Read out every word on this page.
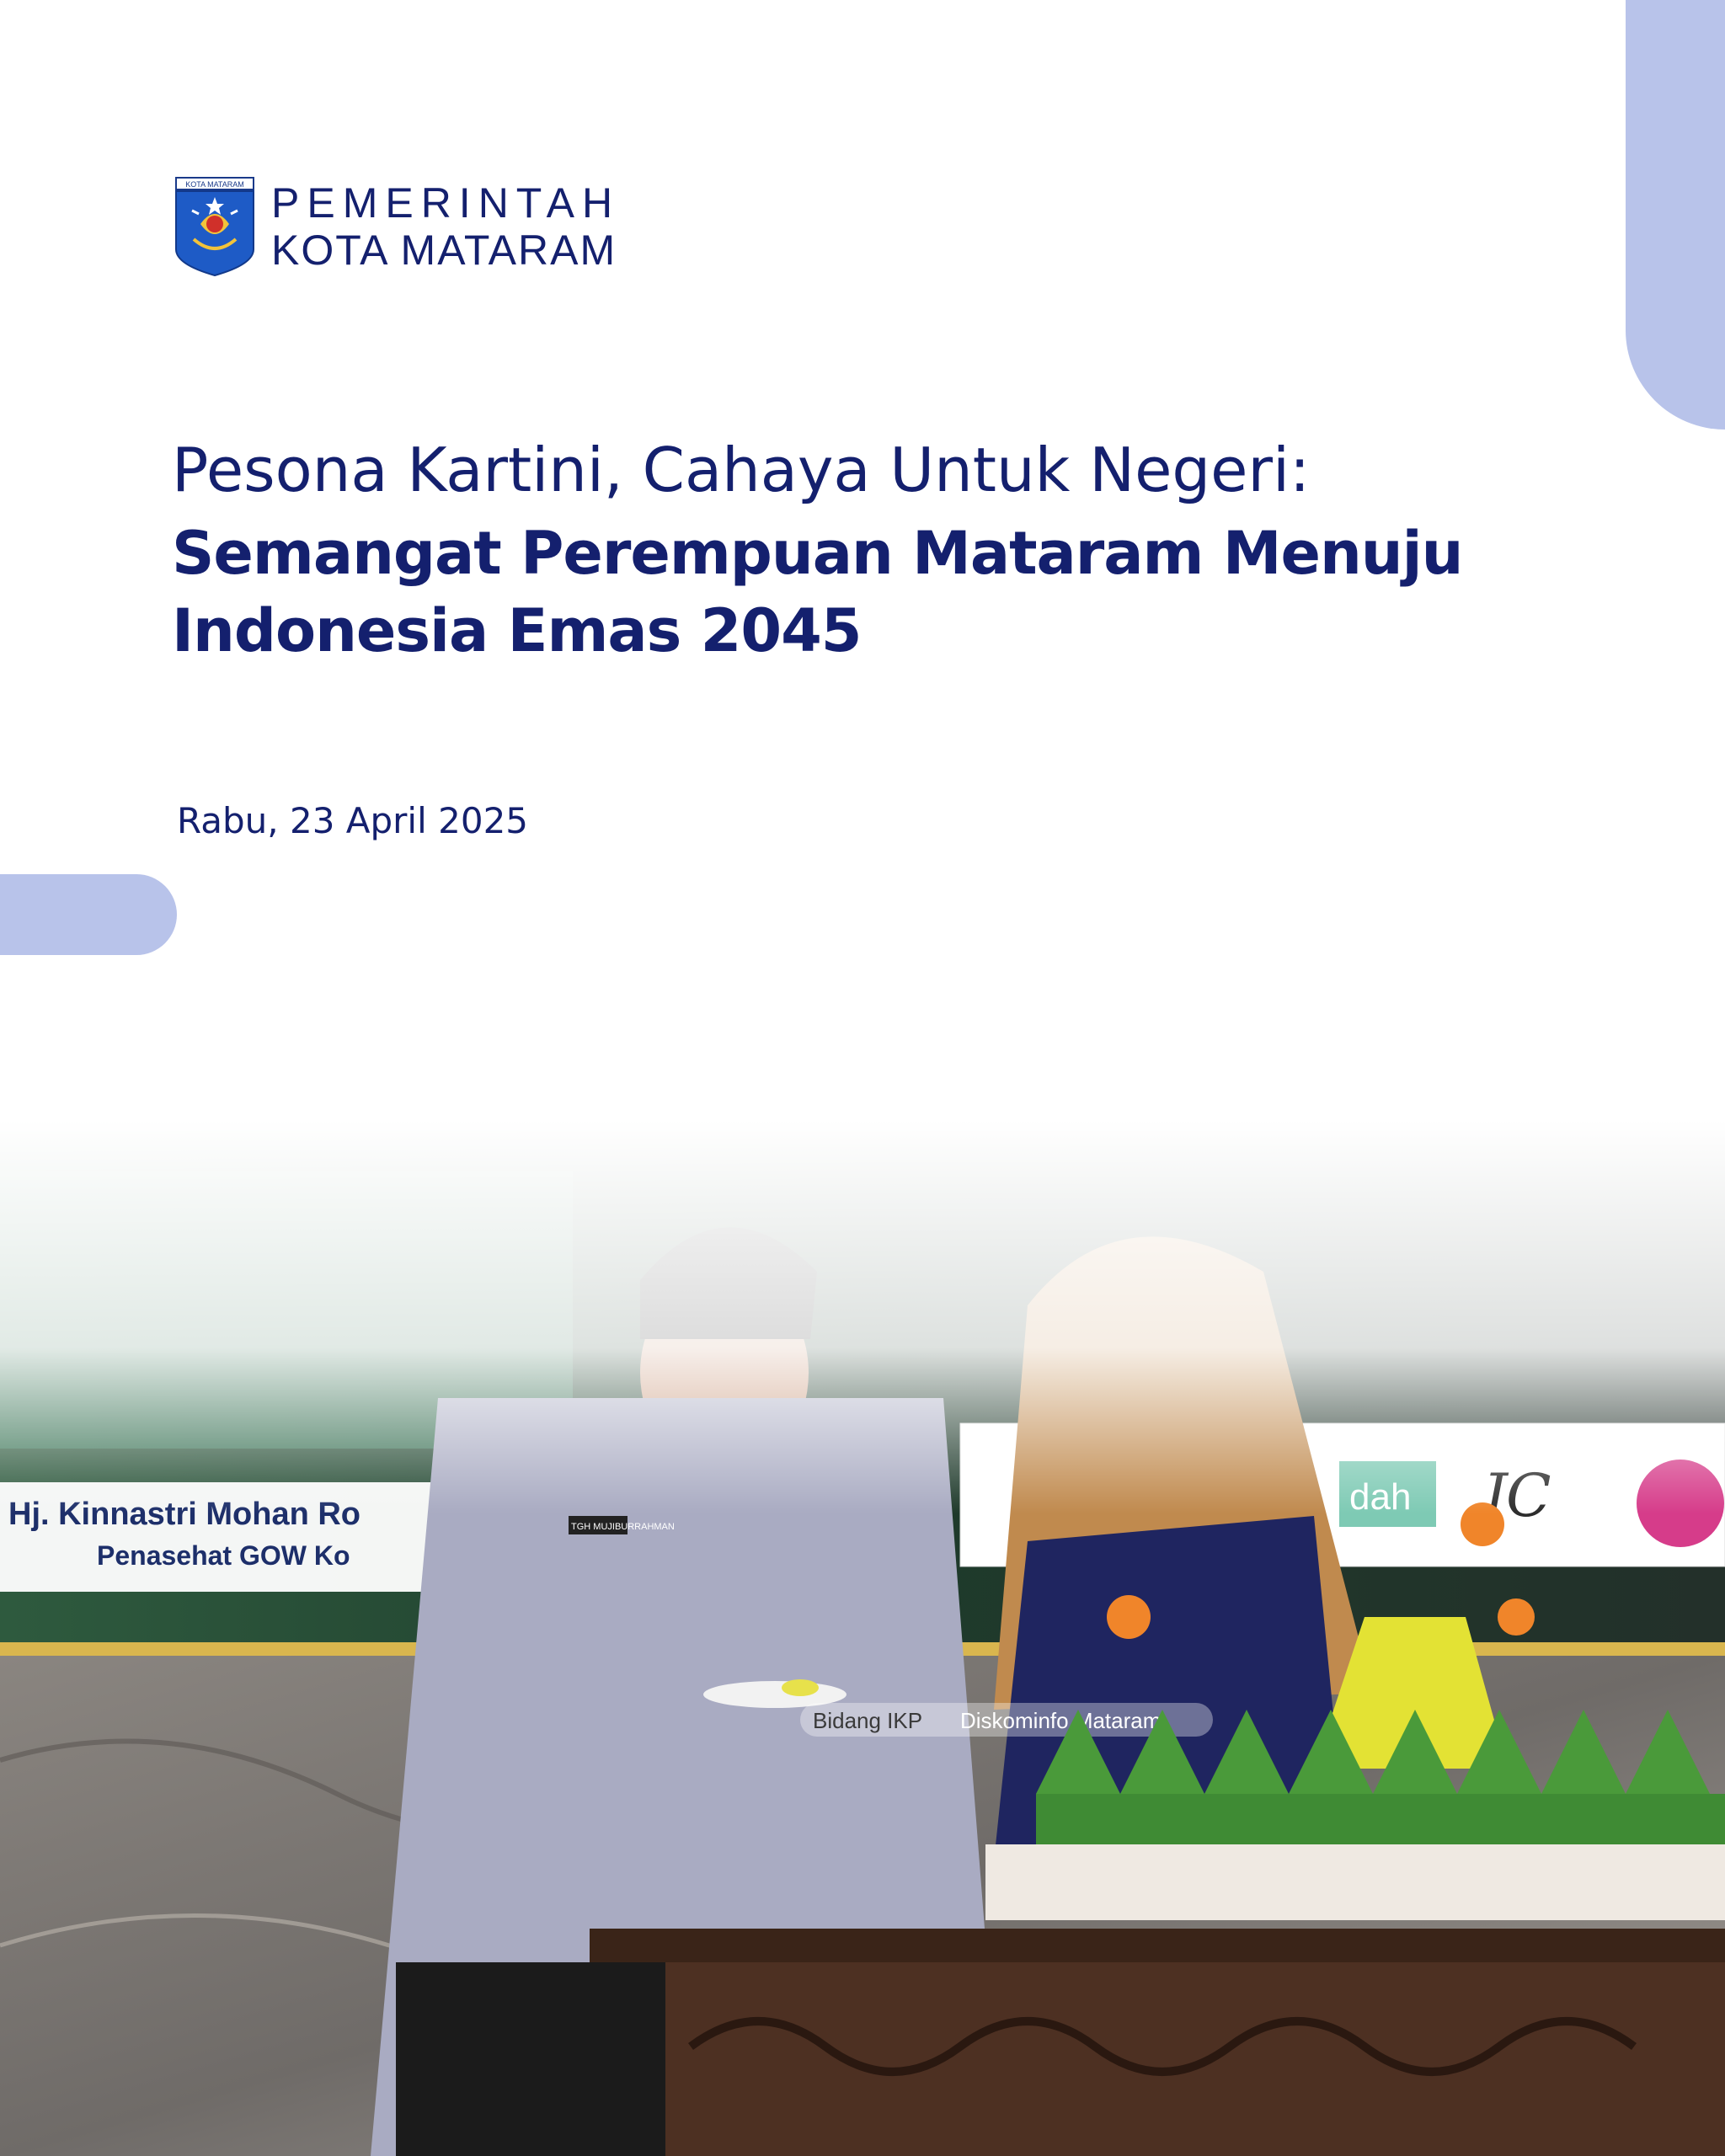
KOTA MATARAM PEMERINTAH
KOTA MATARAM
Pesona Kartini, Cahaya Untuk Negeri:
Semangat Perempuan Mataram Menuju
Indonesia Emas 2045
Rabu, 23 April 2025
